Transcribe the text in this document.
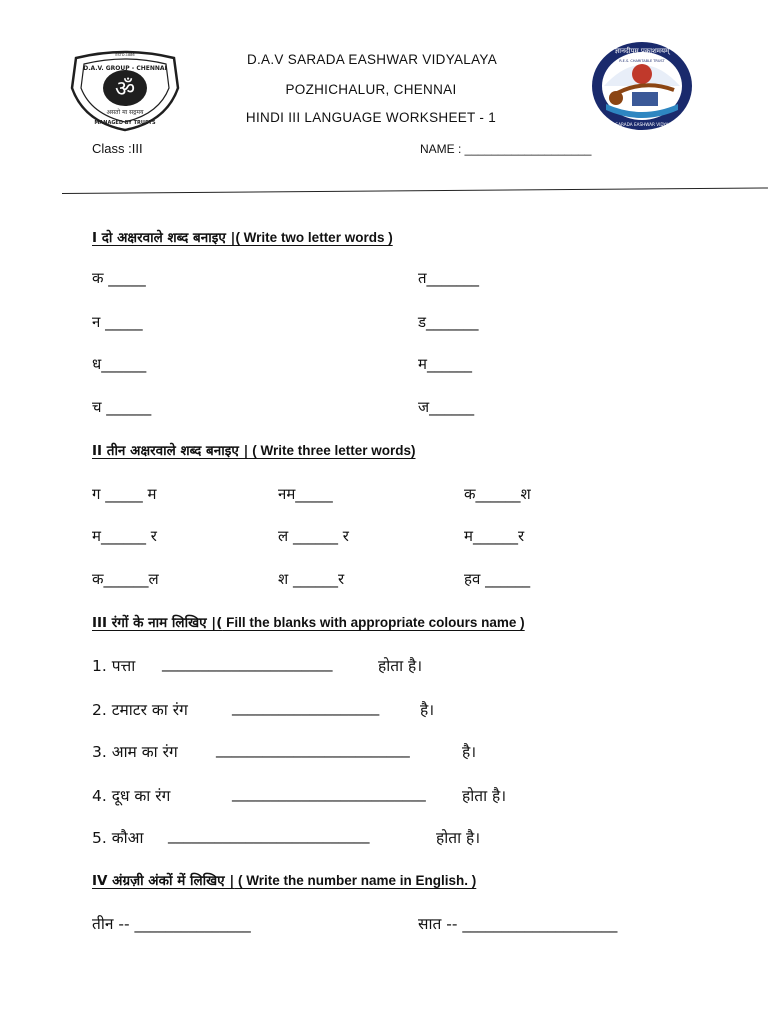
ॐ
D.A.V. GROUP - CHENNAI
असतो मा सद्गमय
MANAGED BY TRUSTS
ESTD.1886	ज्ञानदीपम् प्रकाशमयम्
R.E.S. CHARITABLE TRUST
DAV SARADA EASHWAR VIDYALAYA
D.A.V SARADA EASHWAR VIDYALAYA
POZHICHALUR, CHENNAI
HINDI III LANGUAGE WORKSHEET - 1
Class :III	NAME : ___________________
I दो अक्षरवाले शब्द बनाइए |( Write two letter words )
क _____	त_______
न _____	ड_______
ध______	म______
च ______	ज______
II तीन अक्षरवाले शब्द बनाइए | ( Write three letter words)
ग _____ म	नम_____	क______श
म______ र	ल ______ र	म______र
क______ल	श ______र	हव ______
III रंगों के नाम लिखिए |( Fill the blanks with appropriate colours name )
1. पत्ता ______________________	होता है।
2. टमाटर का रंग	___________________	है।
3. आम का रंग _________________________	है।
4. दूध का रंग	_________________________ होता है।
5. कौआ __________________________	होता है।
IV अंग्रज़ी अंकों में लिखिए | ( Write the number name in English. )
तीन -- _______________	सात -- ____________________
